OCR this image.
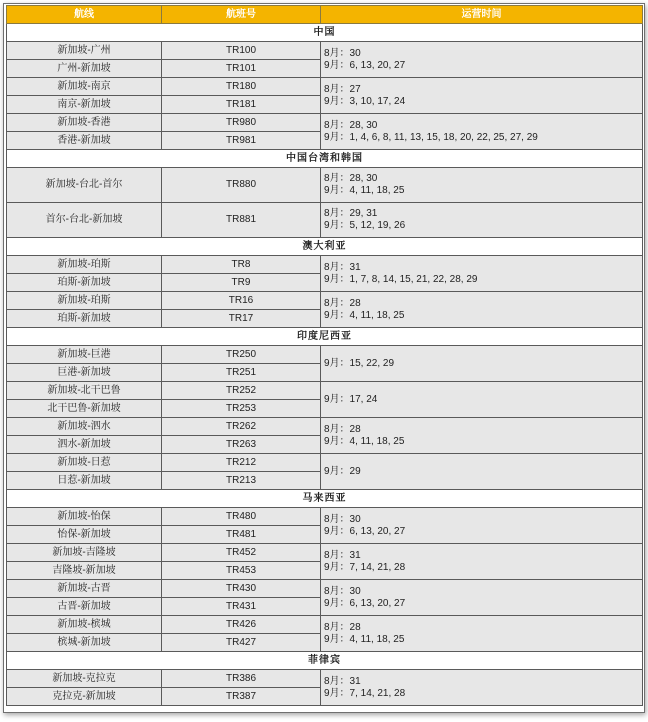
航线	航班号	运营时间
中国		
新加坡-广州	TR100	8月：30
9月：6, 13, 20, 27

广州-新加坡	TR101	
新加坡-南京	TR180	8月：27
9月：3, 10, 17, 24

南京-新加坡	TR181	
新加坡-香港	TR980	8月：28, 30
9月：1, 4, 6, 8, 11, 13, 15, 18, 20, 22, 25, 27, 29

香港-新加坡	TR981	
中国台湾和韩国		
新加坡-台北-首尔	TR880	8月：28, 30
9月：4, 11, 18, 25

首尔-台北-新加坡	TR881	8月：29, 31
9月：5, 12, 19, 26

澳大利亚		
新加坡-珀斯	TR8	8月：31
9月：1, 7, 8, 14, 15, 21, 22, 28, 29

珀斯-新加坡	TR9	
新加坡-珀斯	TR16	8月：28
9月：4, 11, 18, 25

珀斯-新加坡	TR17	
印度尼西亚		
新加坡-巨港	TR250	9月：15, 22, 29

巨港-新加坡	TR251	
新加坡-北干巴鲁	TR252	9月：17, 24

北干巴鲁-新加坡	TR253	
新加坡-泗水	TR262	8月：28
9月：4, 11, 18, 25

泗水-新加坡	TR263	
新加坡-日惹	TR212	9月：29

日惹-新加坡	TR213	
马来西亚		
新加坡-怡保	TR480	8月：30
9月：6, 13, 20, 27

怡保-新加坡	TR481	
新加坡-吉隆坡	TR452	8月：31
9月：7, 14, 21, 28

吉隆坡-新加坡	TR453	
新加坡-古晋	TR430	8月：30
9月：6, 13, 20, 27

古晋-新加坡	TR431	
新加坡-槟城	TR426	8月：28
9月：4, 11, 18, 25

槟城-新加坡	TR427	
菲律宾		
新加坡-克拉克	TR386	8月：31
9月：7, 14, 21, 28

克拉克-新加坡	TR387	
